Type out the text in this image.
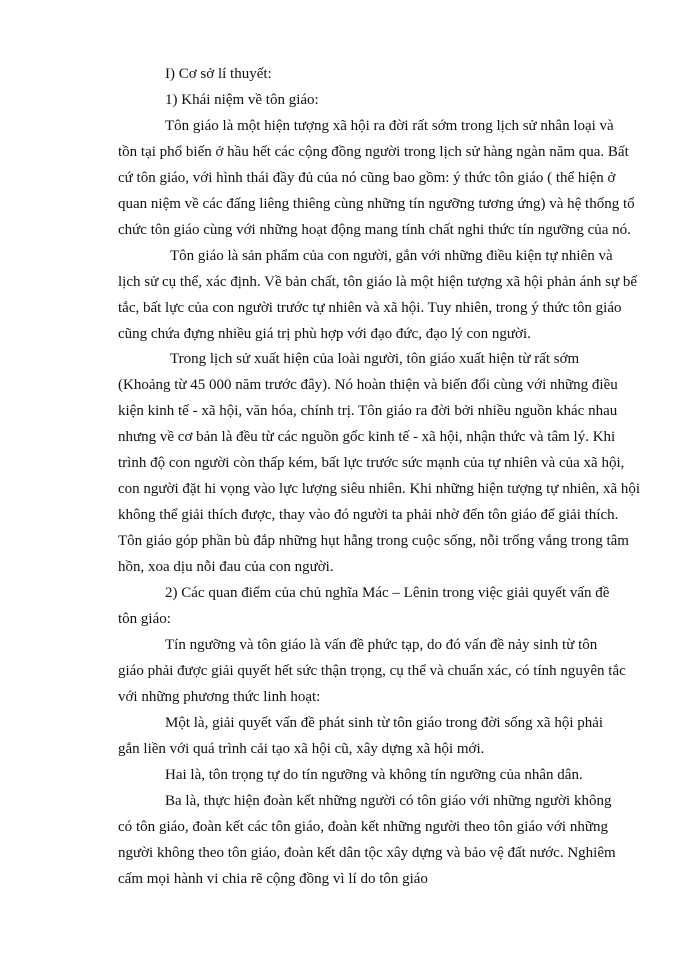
I) Cơ sở lí thuyết:
1) Khái niệm về tôn giáo:
Tôn giáo là một hiện tượng xã hội ra đời rất sớm trong lịch sử nhân loại và
tồn tại phổ biến ở hầu hết các cộng đồng người trong lịch sử hàng ngàn năm qua. Bất
cứ tôn giáo, với hình thái đầy đủ của nó cũng bao gồm: ý thức tôn giáo ( thể hiện ở
quan niệm về các đấng liêng thiêng cùng những tín ngưỡng tương ứng) và hệ thống tổ
chức tôn giáo cùng với những hoạt động mang tính chất nghi thức tín ngưỡng của nó.
Tôn giáo là sản phẩm của con người, gắn với những điều kiện tự nhiên và
lịch sử cụ thể, xác định. Về bản chất, tôn giáo là một hiện tượng xã hội phản ánh sự bế
tắc, bất lực của con người trước tự nhiên và xã hội. Tuy nhiên, trong ý thức tôn giáo
cũng chứa đựng nhiều giá trị phù hợp với đạo đức, đạo lý con người.
Trong lịch sử xuất hiện của loài người, tôn giáo xuất hiện từ rất sớm
(Khoảng từ 45 000 năm trước đây). Nó hoàn thiện và biến đổi cùng với những điều
kiện kinh tế - xã hội, văn hóa, chính trị. Tôn giáo ra đời bởi nhiều nguồn khác nhau
nhưng về cơ bản là đều từ các nguồn gốc kinh tế - xã hội, nhận thức và tâm lý. Khi
trình độ con người còn thấp kém, bất lực trước sức mạnh của tự nhiên và của xã hội,
con người đặt hi vọng vào lực lượng siêu nhiên. Khi những hiện tượng tự nhiên, xã hội
không thể giải thích được, thay vào đó người ta phải nhờ đến tôn giáo để giải thích.
Tôn giáo góp phần bù đắp những hụt hẫng trong cuộc sống, nỗi trống vắng trong tâm
hồn, xoa dịu nỗi đau của con người.
2) Các quan điểm của chủ nghĩa Mác – Lênin trong việc giải quyết vấn đề
tôn giáo:
Tín ngưỡng và tôn giáo là vấn đề phức tạp, do đó vấn đề nảy sinh từ tôn
giáo phải được giải quyết hết sức thận trọng, cụ thể và chuẩn xác, có tính nguyên tắc
với những phương thức linh hoạt:
Một là, giải quyết vấn đề phát sinh từ tôn giáo trong đời sống xã hội phải
gắn liền với quá trình cải tạo xã hội cũ, xây dựng xã hội mới.
Hai là, tôn trọng tự do tín ngưỡng và không tín ngưỡng của nhân dân.
Ba là, thực hiện đoàn kết những người có tôn giáo với những người không
có tôn giáo, đoàn kết các tôn giáo, đoàn kết những người theo tôn giáo với những
người không theo tôn giáo, đoàn kết dân tộc xây dựng và bảo vệ đất nước. Nghiêm
cấm mọi hành vi chia rẽ cộng đồng vì lí do tôn giáo
